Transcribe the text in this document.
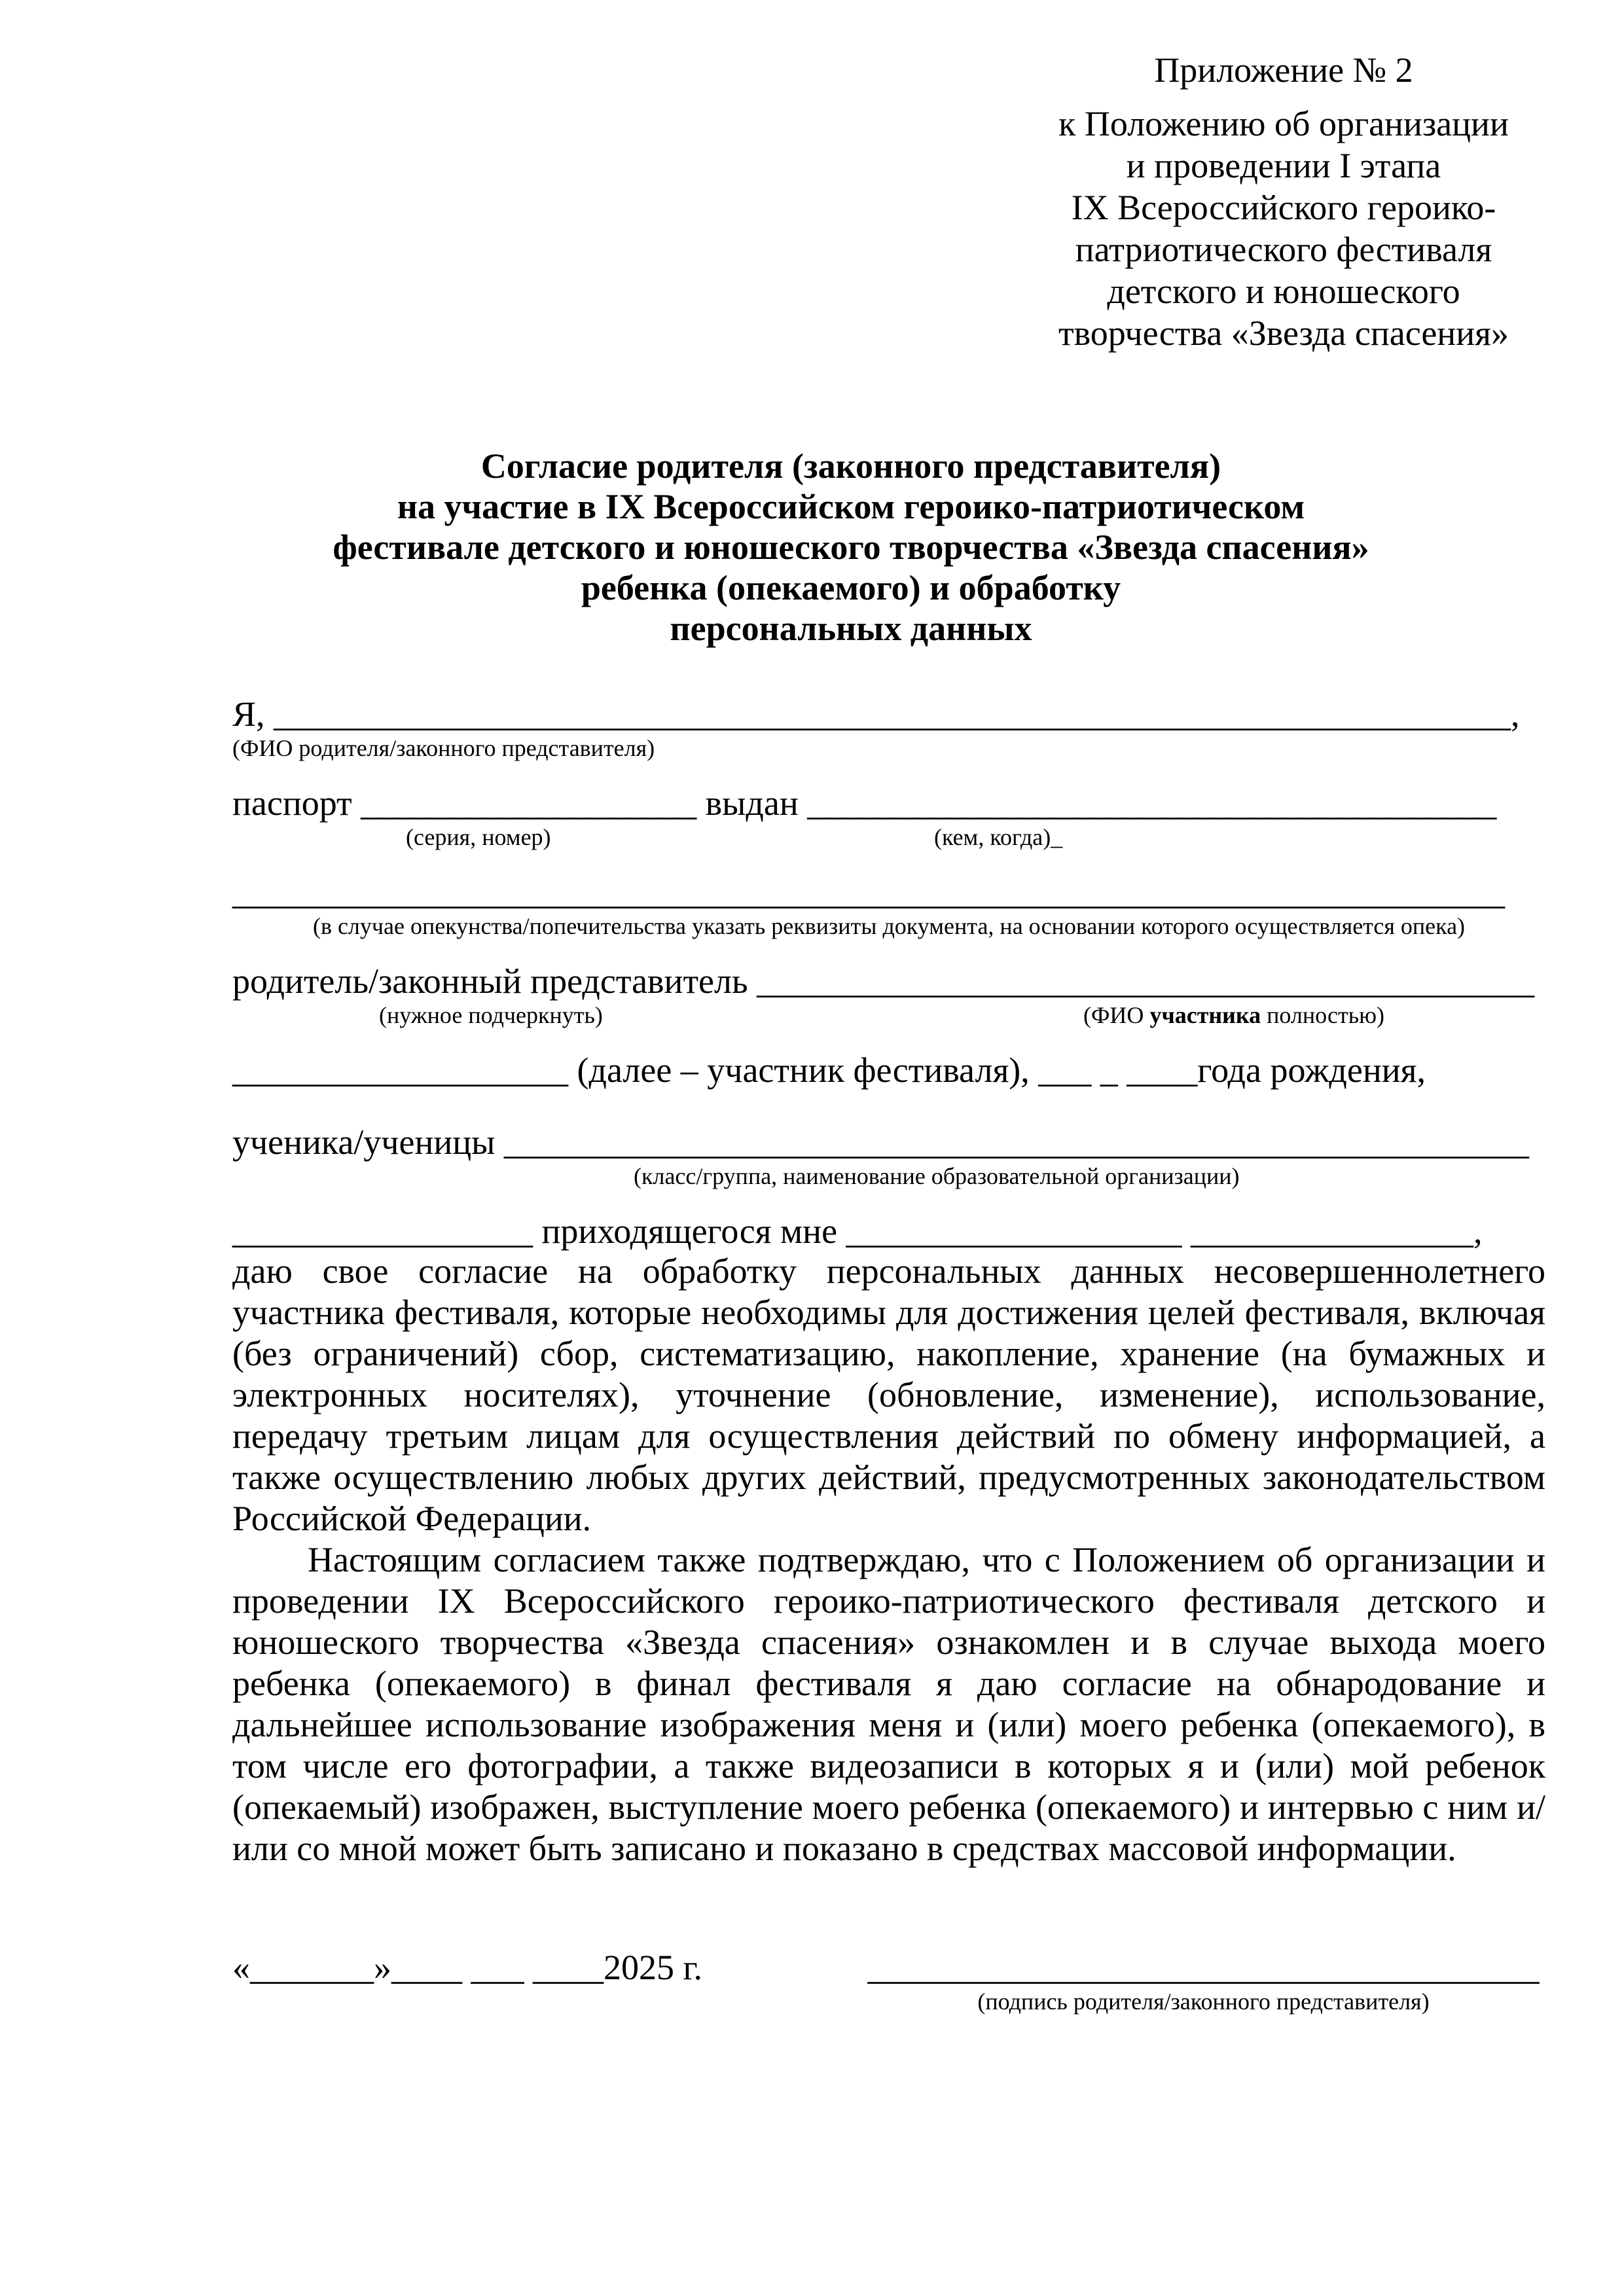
Приложение № 2
к Положению об организации
и проведении I этапа
IX Всероссийского героико-
патриотического фестиваля
детского и юношеского
творчества «Звезда спасения»
Согласие родителя (законного представителя)
на участие в IX Всероссийском героико-патриотическом
фестивале детского и юношеского творчества «Звезда спасения»
ребенка (опекаемого) и обработку
персональных данных
Я, ______________________________________________________________________,
(ФИО родителя/законного представителя)
паспорт ___________________ выдан _______________________________________
(серия, номер)	(кем, когда)_
________________________________________________________________________
(в случае опекунства/попечительства указать реквизиты документа, на основании которого осуществляется опека)
родитель/законный представитель ____________________________________________
(нужное подчеркнуть)	(ФИО участника полностью)
___________________ (далее – участник фестиваля), ___ _ ____года рождения,
ученика/ученицы __________________________________________________________
(класс/группа, наименование образовательной организации)
_________________ приходящегося мне ___________________ ________________,

даю свое согласие на обработку персональных данных несовершеннолетнего участника фестиваля, которые необходимы для достижения целей фестиваля, включая (без ограничений) сбор, систематизацию, накопление, хранение (на бумажных и электронных носителях), уточнение (обновление, изменение), использование, передачу третьим лицам для осуществления действий по обмену информацией, а также осуществлению любых других действий, предусмотренных законодательством Российской Федерации.

Настоящим согласием также подтверждаю, что с Положением об организации и проведении IX Всероссийского героико-патриотического фестиваля детского и юношеского творчества «Звезда спасения» ознакомлен и в случае выхода моего ребенка (опекаемого) в финал фестиваля я даю согласие на обнародование и дальнейшее использование изображения меня и (или) моего ребенка (опекаемого), в том числе его фотографии, а также видеозаписи в которых я и (или) мой ребенок (опекаемый) изображен, выступление моего ребенка (опекаемого) и интервью с ним и/или со мной может быть записано и показано в средствах массовой информации.

«_______»____ ___ ____2025 г.	______________________________________
(подпись родителя/законного представителя)
